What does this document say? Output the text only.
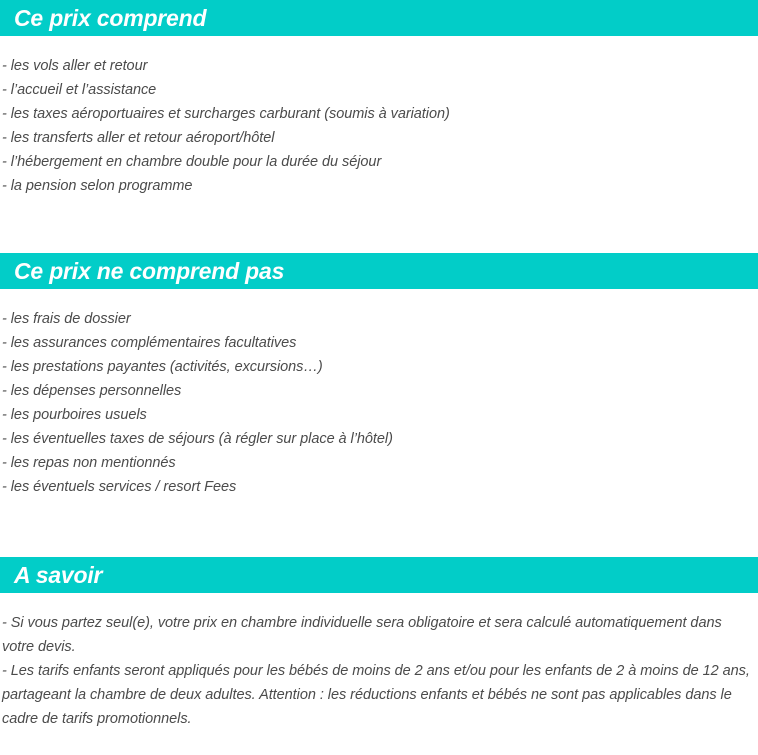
Ce prix comprend
- les vols aller et retour
- l’accueil et l’assistance
- les taxes aéroportuaires et surcharges carburant (soumis à variation)
- les transferts aller et retour aéroport/hôtel
- l’hébergement en chambre double pour la durée du séjour
- la pension selon programme
Ce prix ne comprend pas
- les frais de dossier
- les assurances complémentaires facultatives
- les prestations payantes (activités, excursions…)
- les dépenses personnelles
- les pourboires usuels
- les éventuelles taxes de séjours (à régler sur place à l’hôtel)
- les repas non mentionnés
- les éventuels services / resort Fees
A savoir

- Si vous partez seul(e), votre prix en chambre individuelle sera obligatoire et sera calculé automatiquement dans votre devis.

- Les tarifs enfants seront appliqués pour les bébés de moins de 2 ans et/ou pour les enfants de 2 à moins de 12 ans, partageant la chambre de deux adultes. Attention : les réductions enfants et bébés ne sont pas applicables dans le cadre de tarifs promotionnels.
